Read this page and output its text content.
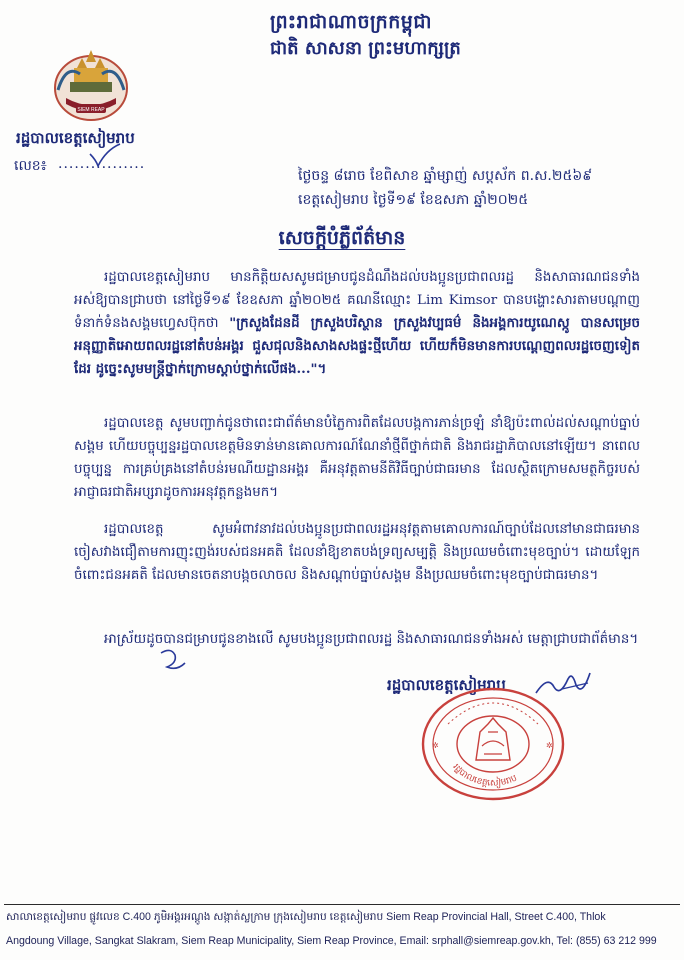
ព្រះរាជាណាចក្រកម្ពុជា
ជាតិ សាសនា ព្រះមហាក្សត្រ
SIEM REAP
រដ្ឋបាលខេត្តសៀមរាប
លេខ៖ ................
ថ្ងៃចន្ទ ៨រោច ខែពិសាខ ឆ្នាំម្សាញ់ សប្តស័ក ព.ស.២៥៦៩
ខេត្តសៀមរាប ថ្ងៃទី១៩ ខែឧសភា ឆ្នាំ២០២៥
សេចក្តីបំភ្លឺព័ត៌មាន
រដ្ឋបាលខេត្តសៀមរាប មានកិត្តិយសសូមជម្រាបជូនដំណឹងដល់បងប្អូនប្រជាពលរដ្ឋ និងសាធារណជនទាំងអស់ឱ្យបានជ្រាបថា នៅថ្ងៃទី១៩ ខែឧសភា ឆ្នាំ២០២៥ គណនីឈ្មោះ Lim Kimsor បានបង្ហោះសារតាមបណ្តាញទំនាក់ទំនងសង្គមហ្វេសប៊ុកថា "ក្រសួងដែនដី ក្រសួងបរិស្ថាន ក្រសួងវប្បធម៌ និងអង្គការយូណេស្កូ បានសម្រេចអនុញ្ញាតិអោយពលរដ្ឋនៅតំបន់អង្គរ ជួសជុលនិងសាងសងផ្ទះថ្មីហើយ ហើយក៏មិនមានការបណ្តេញពលរដ្ឋចេញទៀតដែរ ដូច្នេះសូមមន្ត្រីថ្នាក់ក្រោមស្តាប់ថ្នាក់លើផង..."។
រដ្ឋបាលខេត្ត សូមបញ្ជាក់ជូនថាពេះជាព័ត៌មានបំភ្លៃការពិតដែលបង្កការភាន់ច្រឡំ នាំឱ្យប៉ះពាល់ដល់សណ្តាប់ធ្នាប់សង្គម ហើយបច្ចុប្បន្នរដ្ឋបាលខេត្តមិនទាន់មានគោលការណ៍ណែនាំថ្មីពីថ្នាក់ជាតិ និងរាជរដ្ឋាភិបាលនៅឡើយ។ នាពេលបច្ចុប្បន្ន ការគ្រប់គ្រងនៅតំបន់រមណីយដ្ឋានអង្គរ គឺអនុវត្តតាមនីតិវិធីច្បាប់ជាធរមាន ដែលស្ថិតក្រោមសមត្ថកិច្ចរបស់អាជ្ញាធរជាតិអប្សរាដូចការអនុវត្តកន្លងមក។
រដ្ឋបាលខេត្ត សូមអំពាវនាវដល់បងប្អូនប្រជាពលរដ្ឋអនុវត្តតាមគោលការណ៍ច្បាប់ដែលនៅមានជាធរមាន ចៀសវាងជឿតាមការញុះញង់របស់ជនអគតិ ដែលនាំឱ្យខាតបង់ទ្រព្យសម្បត្តិ និងប្រឈមចំពោះមុខច្បាប់។ ដោយឡែកចំពោះជនអគតិ ដែលមានចេតនាបង្កចលាចល និងសណ្តាប់ធ្នាប់សង្គម នឹងប្រឈមចំពោះមុខច្បាប់ជាធរមាន។
អាស្រ័យដូចបានជម្រាបជូនខាងលើ សូមបងប្អូនប្រជាពលរដ្ឋ និងសាធារណជនទាំងអស់ មេត្តាជ្រាបជាព័ត៌មាន។
រដ្ឋបាលខេត្តសៀមរាប
រដ្ឋបាលខេត្តសៀមរាប
✲	✲
សាលាខេត្តសៀមរាប ផ្លូវលេខ C.400 ភូមិអង្គរអណ្តូង សង្កាត់ស្លក្រាម ក្រុងសៀមរាប ខេត្តសៀមរាប Siem Reap Provincial Hall, Street C.400, Thlok
Angdoung Village, Sangkat Slakram, Siem Reap Municipality, Siem Reap Province, Email: srphall@siemreap.gov.kh, Tel: (855) 63 212 999
